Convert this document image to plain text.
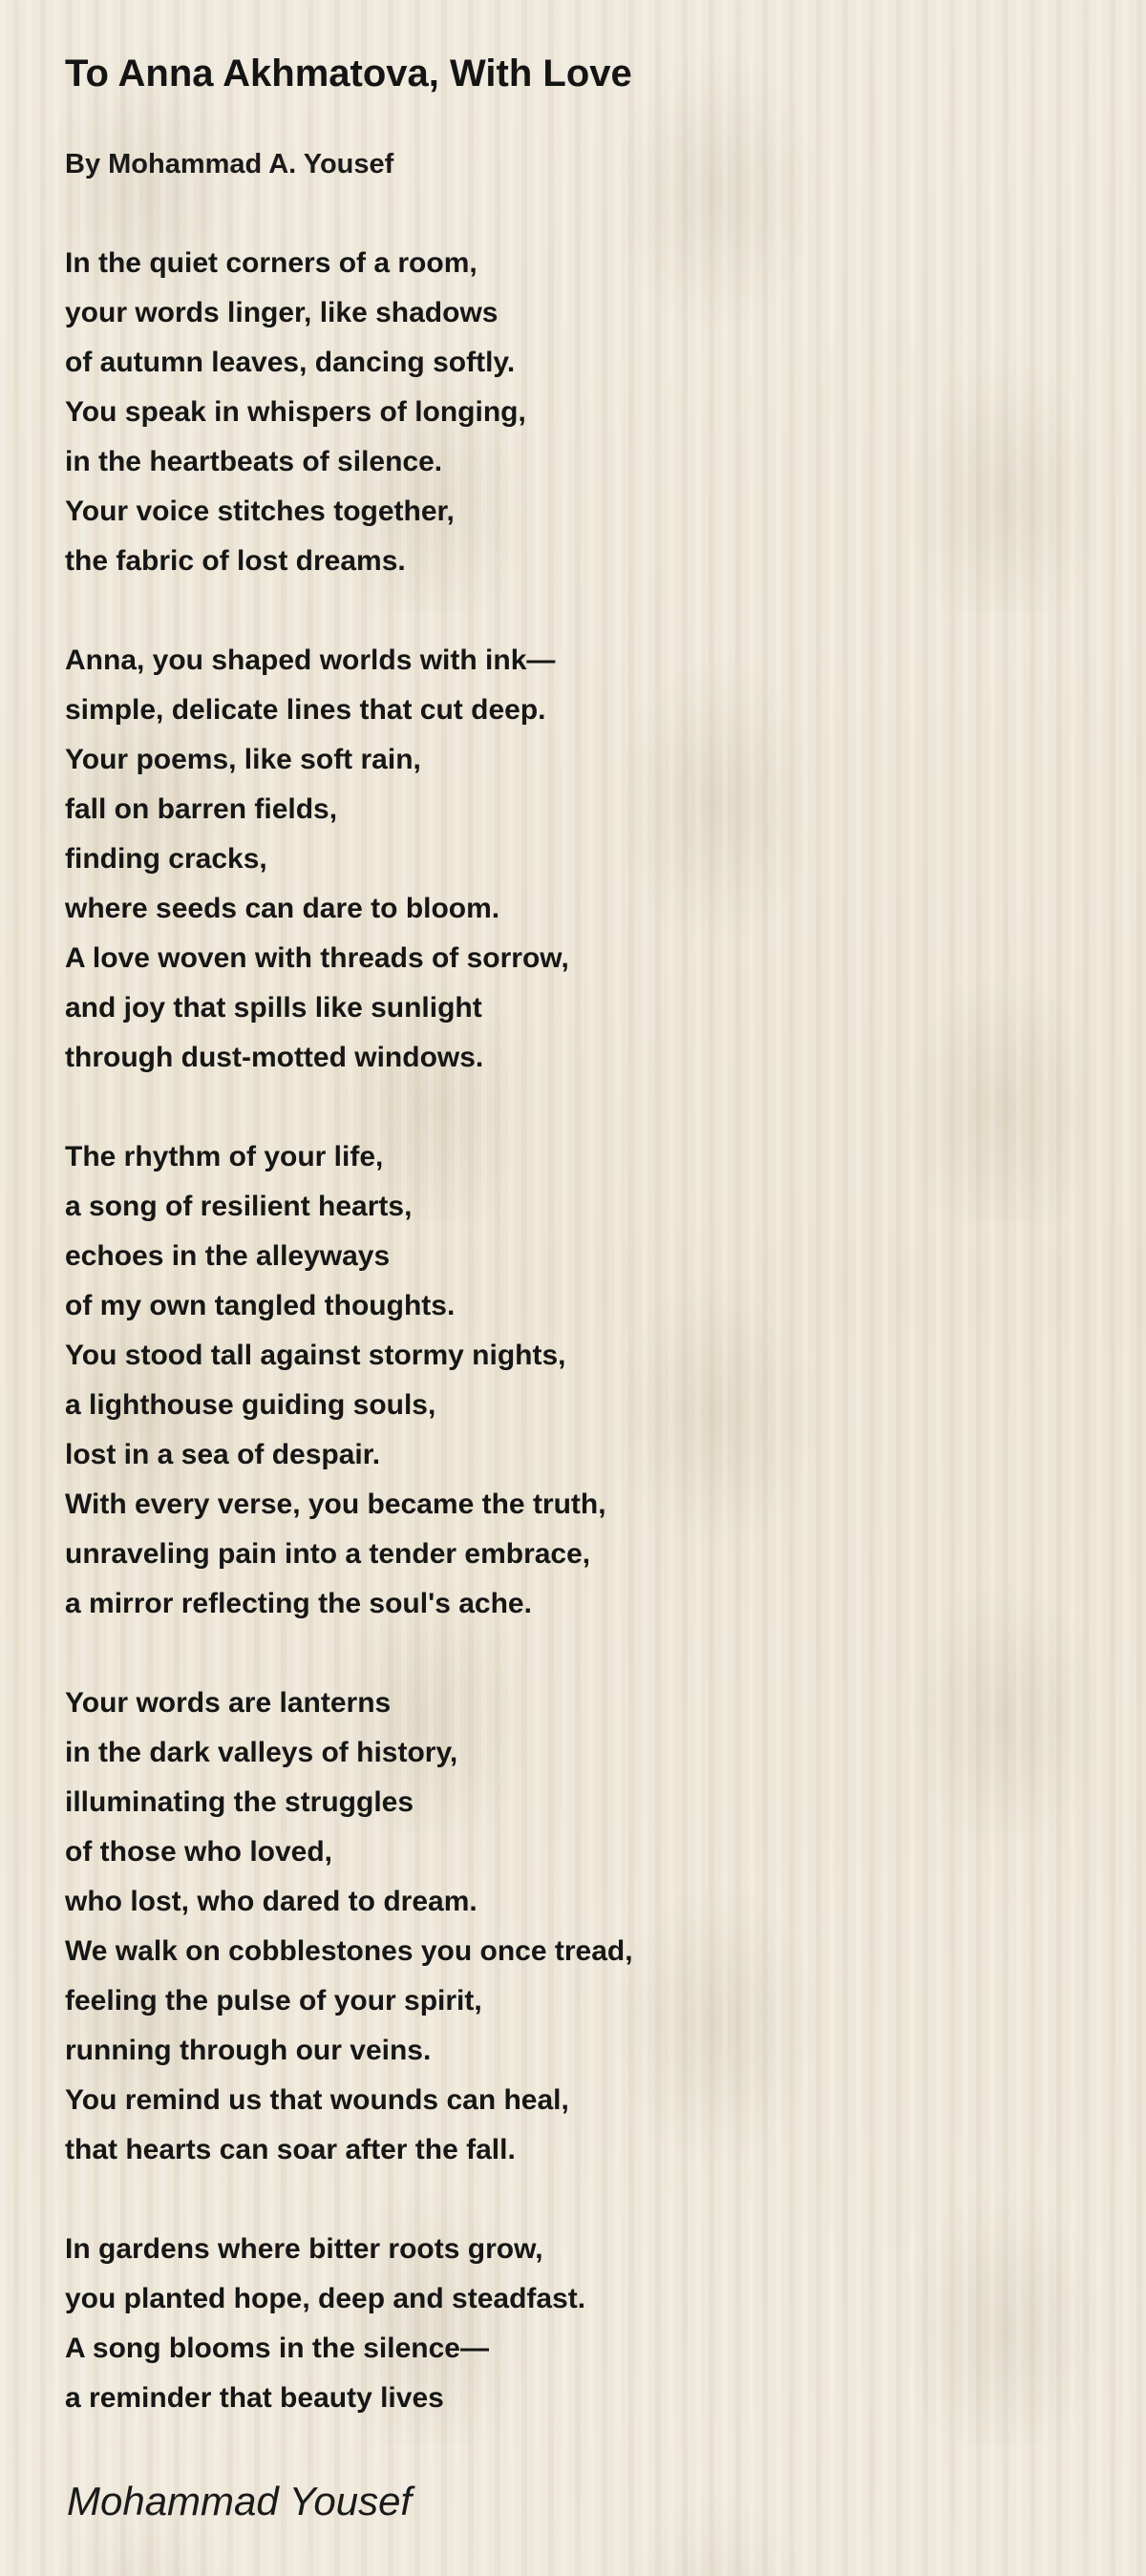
To Anna Akhmatova, With Love
By Mohammad A. Yousef
In the quiet corners of a room,
your words linger, like shadows
of autumn leaves, dancing softly.
You speak in whispers of longing,
in the heartbeats of silence.
Your voice stitches together,
the fabric of lost dreams.
Anna, you shaped worlds with ink—
simple, delicate lines that cut deep.
Your poems, like soft rain,
fall on barren fields,
finding cracks,
where seeds can dare to bloom.
A love woven with threads of sorrow,
and joy that spills like sunlight
through dust-motted windows.
The rhythm of your life,
a song of resilient hearts,
echoes in the alleyways
of my own tangled thoughts.
You stood tall against stormy nights,
a lighthouse guiding souls,
lost in a sea of despair.
With every verse, you became the truth,
unraveling pain into a tender embrace,
a mirror reflecting the soul's ache.
Your words are lanterns
in the dark valleys of history,
illuminating the struggles
of those who loved,
who lost, who dared to dream.
We walk on cobblestones you once tread,
feeling the pulse of your spirit,
running through our veins.
You remind us that wounds can heal,
that hearts can soar after the fall.
In gardens where bitter roots grow,
you planted hope, deep and steadfast.
A song blooms in the silence—
a reminder that beauty lives
Mohammad Yousef
